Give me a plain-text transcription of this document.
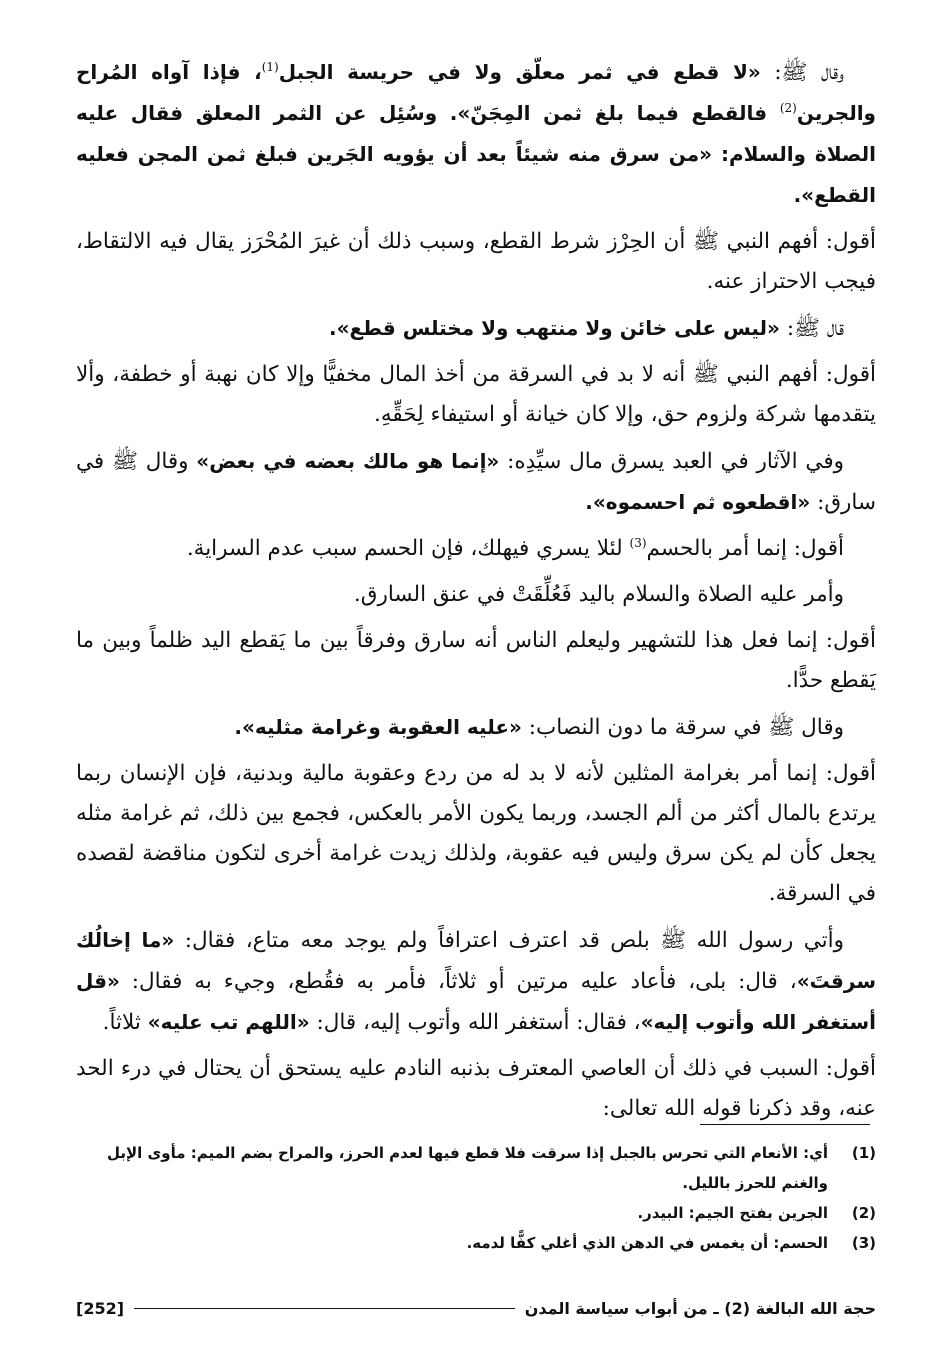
وقال ﷺ: «لا قطع في ثمر معلّق ولا في حريسة الجبل$^{(1)}$، فإذا آواه المُراح والجرين$^{(2)}$ فالقطع فيما بلغ ثمن المِجَنّ». وسُئِل عن الثمر المعلق فقال عليه الصلاة والسلام: «من سرق منه شيئاً بعد أن يؤويه الجَرين فبلغ ثمن المجن فعليه القطع».

أقول: أفهم النبي ﷺ أن الحِرْز شرط القطع، وسبب ذلك أن غيرَ المُحْرَز يقال فيه الالتقاط، فيجب الاحتراز عنه.

قال ﷺ: «ليس على خائن ولا منتهب ولا مختلس قطع».

أقول: أفهم النبي ﷺ أنه لا بد في السرقة من أخذ المال مخفيًّا وإلا كان نهبة أو خطفة، وألا يتقدمها شركة ولزوم حق، وإلا كان خيانة أو استيفاء لِحَقِّهِ.

وفي الآثار في العبد يسرق مال سيِّدِه: «إنما هو مالك بعضه في بعض» وقال ﷺ في سارق: «اقطعوه ثم احسموه».

أقول: إنما أمر بالحسم$^{(3)}$ لئلا يسري فيهلك، فإن الحسم سبب عدم السراية.

وأمر عليه الصلاة والسلام باليد فَعُلِّقَتْ في عنق السارق.

أقول: إنما فعل هذا للتشهير وليعلم الناس أنه سارق وفرقاً بين ما يَقطع اليد ظلماً وبين ما يَقطع حدًّا.

وقال ﷺ في سرقة ما دون النصاب: «عليه العقوبة وغرامة مثليه».

أقول: إنما أمر بغرامة المثلين لأنه لا بد له من ردع وعقوبة مالية وبدنية، فإن الإنسان ربما يرتدع بالمال أكثر من ألم الجسد، وربما يكون الأمر بالعكس، فجمع بين ذلك، ثم غرامة مثله يجعل كأن لم يكن سرق وليس فيه عقوبة، ولذلك زيدت غرامة أخرى لتكون مناقضة لقصده في السرقة.

وأتي رسول الله ﷺ بلص قد اعترف اعترافاً ولم يوجد معه متاع، فقال: «ما إخالُك سرقتَ»، قال: بلى، فأعاد عليه مرتين أو ثلاثاً، فأمر به فقُطع، وجيء به فقال: «قل أستغفر الله وأتوب إليه»، فقال: أستغفر الله وأتوب إليه، قال: «اللهم تب عليه» ثلاثاً.

أقول: السبب في ذلك أن العاصي المعترف بذنبه النادم عليه يستحق أن يحتال في درء الحد عنه، وقد ذكرنا قوله الله تعالى:

(1)
أي: الأنعام التي تحرس بالجبل إذا سرقت فلا قطع فيها لعدم الحرز، والمراح بضم الميم: مأوى الإبل والغنم للحرز بالليل.
(2)
الجرين بفتح الجيم: البيدر.
(3)
الحسم: أن يغمس في الدهن الذي أغلي كفًّا لدمه.
حجة الله البالغة (2) ـ من أبواب سياسة المدن
[252]
